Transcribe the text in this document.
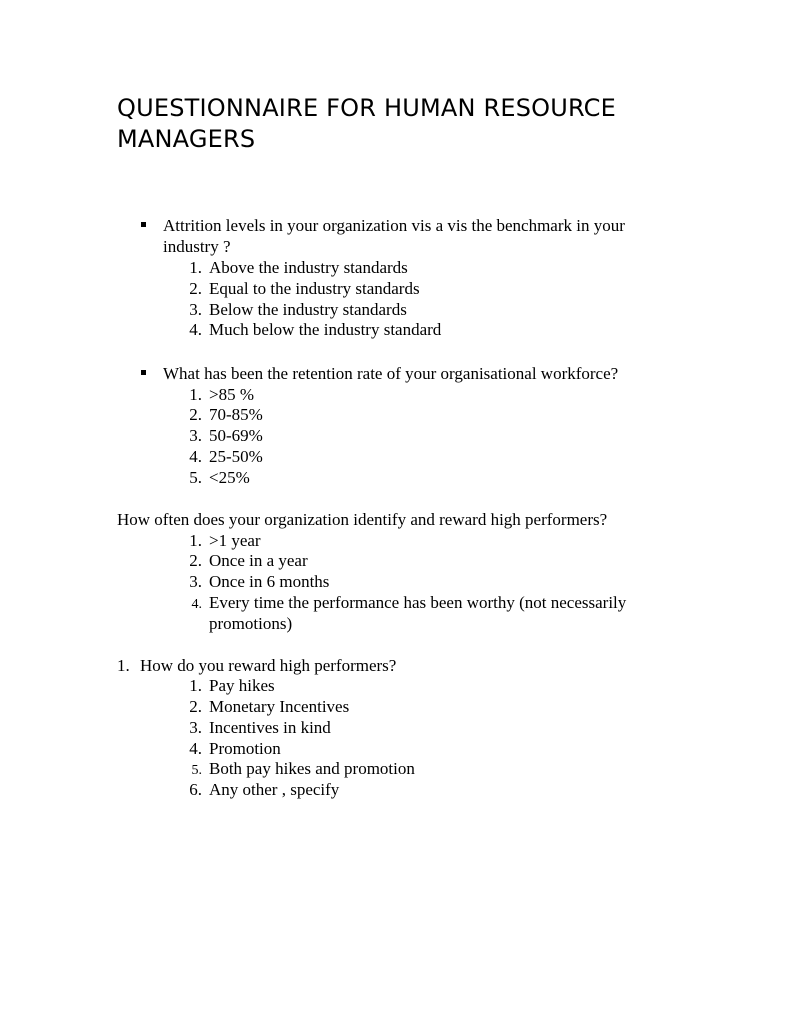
QUESTIONNAIRE FOR HUMAN RESOURCE MANAGERS
Attrition levels in your organization vis a vis the benchmark in your
industry ?
1. Above the industry standards
2. Equal to the industry standards
3. Below the industry standards
4. Much below the industry standard
What has been the retention rate of your organisational workforce?
1. >85 %
2. 70-85%
3. 50-69%
4. 25-50%
5. <25%
How often does your organization identify and reward high performers?
1. >1 year
2. Once in a year
3. Once in 6 months
4. Every time the performance has been worthy (not necessarily
promotions)
1. How do you reward high performers?
1. Pay hikes
2. Monetary Incentives
3. Incentives in kind
4. Promotion
5. Both pay hikes and promotion
6. Any other , specify
